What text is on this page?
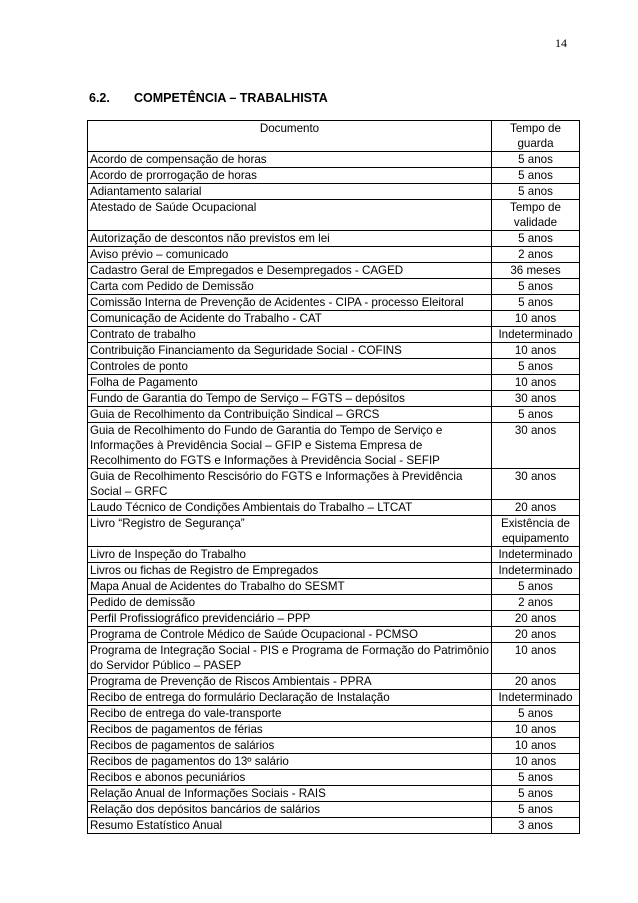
14
6.2. COMPETÊNCIA – TRABALHISTA
Documento	Tempo de guarda
Acordo de compensação de horas	5 anos
Acordo de prorrogação de horas	5 anos
Adiantamento salarial	5 anos
Atestado de Saúde Ocupacional	Tempo de validade
Autorização de descontos não previstos em lei	5 anos
Aviso prévio – comunicado	2 anos
Cadastro Geral de Empregados e Desempregados - CAGED	36 meses
Carta com Pedido de Demissão	5 anos
Comissão Interna de Prevenção de Acidentes - CIPA - processo Eleitoral	5 anos
Comunicação de Acidente do Trabalho - CAT	10 anos
Contrato de trabalho	Indeterminado
Contribuição Financiamento da Seguridade Social - COFINS	10 anos
Controles de ponto	5 anos
Folha de Pagamento	10 anos
Fundo de Garantia do Tempo de Serviço – FGTS – depósitos	30 anos
Guia de Recolhimento da Contribuição Sindical – GRCS	5 anos
Guia de Recolhimento do Fundo de Garantia do Tempo de Serviço e Informações à Previdência Social – GFIP e Sistema Empresa de Recolhimento do FGTS e Informações à Previdência Social - SEFIP	30 anos
Guia de Recolhimento Rescisório do FGTS e Informações à Previdência Social – GRFC	30 anos
Laudo Técnico de Condições Ambientais do Trabalho – LTCAT	20 anos
Livro “Registro de Segurança”	Existência de equipamento
Livro de Inspeção do Trabalho	Indeterminado
Livros ou fichas de Registro de Empregados	Indeterminado
Mapa Anual de Acidentes do Trabalho do SESMT	5 anos
Pedido de demissão	2 anos
Perfil Profissiográfico previdenciário – PPP	20 anos
Programa de Controle Médico de Saúde Ocupacional - PCMSO	20 anos
Programa de Integração Social - PIS e Programa de Formação do Patrimônio do Servidor Público – PASEP	10 anos
Programa de Prevenção de Riscos Ambientais - PPRA	20 anos
Recibo de entrega do formulário Declaração de Instalação	Indeterminado
Recibo de entrega do vale-transporte	5 anos
Recibos de pagamentos de férias	10 anos
Recibos de pagamentos de salários	10 anos
Recibos de pagamentos do 13º salário	10 anos
Recibos e abonos pecuniários	5 anos
Relação Anual de Informações Sociais - RAIS	5 anos
Relação dos depósitos bancários de salários	5 anos
Resumo Estatístico Anual	3 anos
